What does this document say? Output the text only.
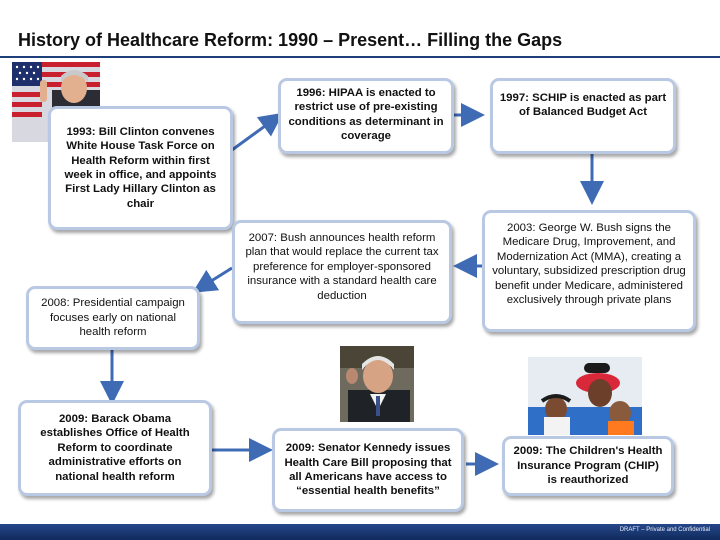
History of Healthcare Reform: 1990 – Present… Filling the Gaps
1993: Bill Clinton convenes White House Task Force on Health Reform within first week in office, and appoints First Lady Hillary Clinton as chair
1996: HIPAA is enacted to restrict use of pre-existing conditions as determinant in coverage
1997: SCHIP is enacted as part of Balanced Budget Act
2003: George W. Bush signs the Medicare Drug, Improvement, and Modernization Act (MMA), creating a voluntary, subsidized prescription drug benefit under Medicare, administered exclusively through private plans
2007: Bush announces health reform plan that would replace the current tax preference for employer-sponsored insurance with a standard health care deduction
2008: Presidential campaign focuses early on national health reform
2009: Barack Obama establishes Office of Health Reform to coordinate administrative efforts on national health reform
2009: Senator Kennedy issues Health Care Bill proposing that all Americans have access to “essential health benefits”
2009: The Children's Health Insurance Program (CHIP) is reauthorized
DRAFT – Private and Confidential
